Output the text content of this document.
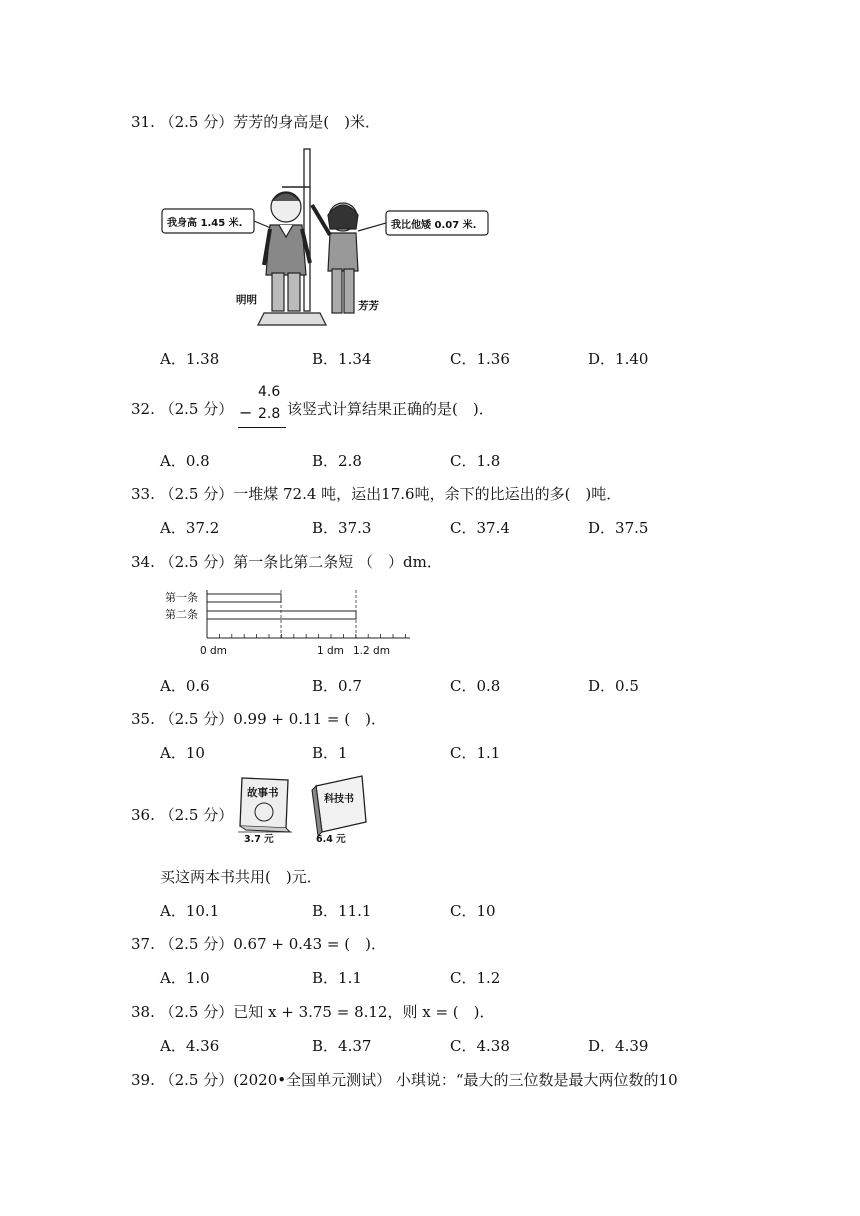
31. （2.5 分）芳芳的身高是(　)米．
我身高 1.45 米.	我比他矮 0.07 米.
明明	芳芳
A．1.38	B．1.34	C．1.36	D．1.40
32. （2.5 分）
4.6
− 2.8 该竖式计算结果正确的是(　)．
A．0.8	B．2.8	C．1.8
33. （2.5 分）一堆煤 72.4 吨，运出17.6吨，余下的比运出的多(　)吨．
A．37.2	B．37.3	C．37.4	D．37.5
34. （2.5 分）第一条比第二条短 （　）dm．
第一条
第二条
0 dm	1 dm 1.2 dm
A．0.6	B．0.7	C．0.8	D．0.5
35. （2.5 分）0.99 + 0.11 = (　)．
A．10	B．1	C．1.1
36. （2.5 分）
故事书
3.7 元
科技书
6.4 元
买这两本书共用(　)元．
A．10.1	B．11.1	C．10
37. （2.5 分）0.67 + 0.43 = (　)．
A．1.0	B．1.1	C．1.2
38. （2.5 分）已知 x + 3.75 = 8.12，则 x = (　)．
A．4.36	B．4.37	C．4.38	D．4.39
39. （2.5 分）(2020•全国单元测试） 小琪说：“最大的三位数是最大两位数的10
